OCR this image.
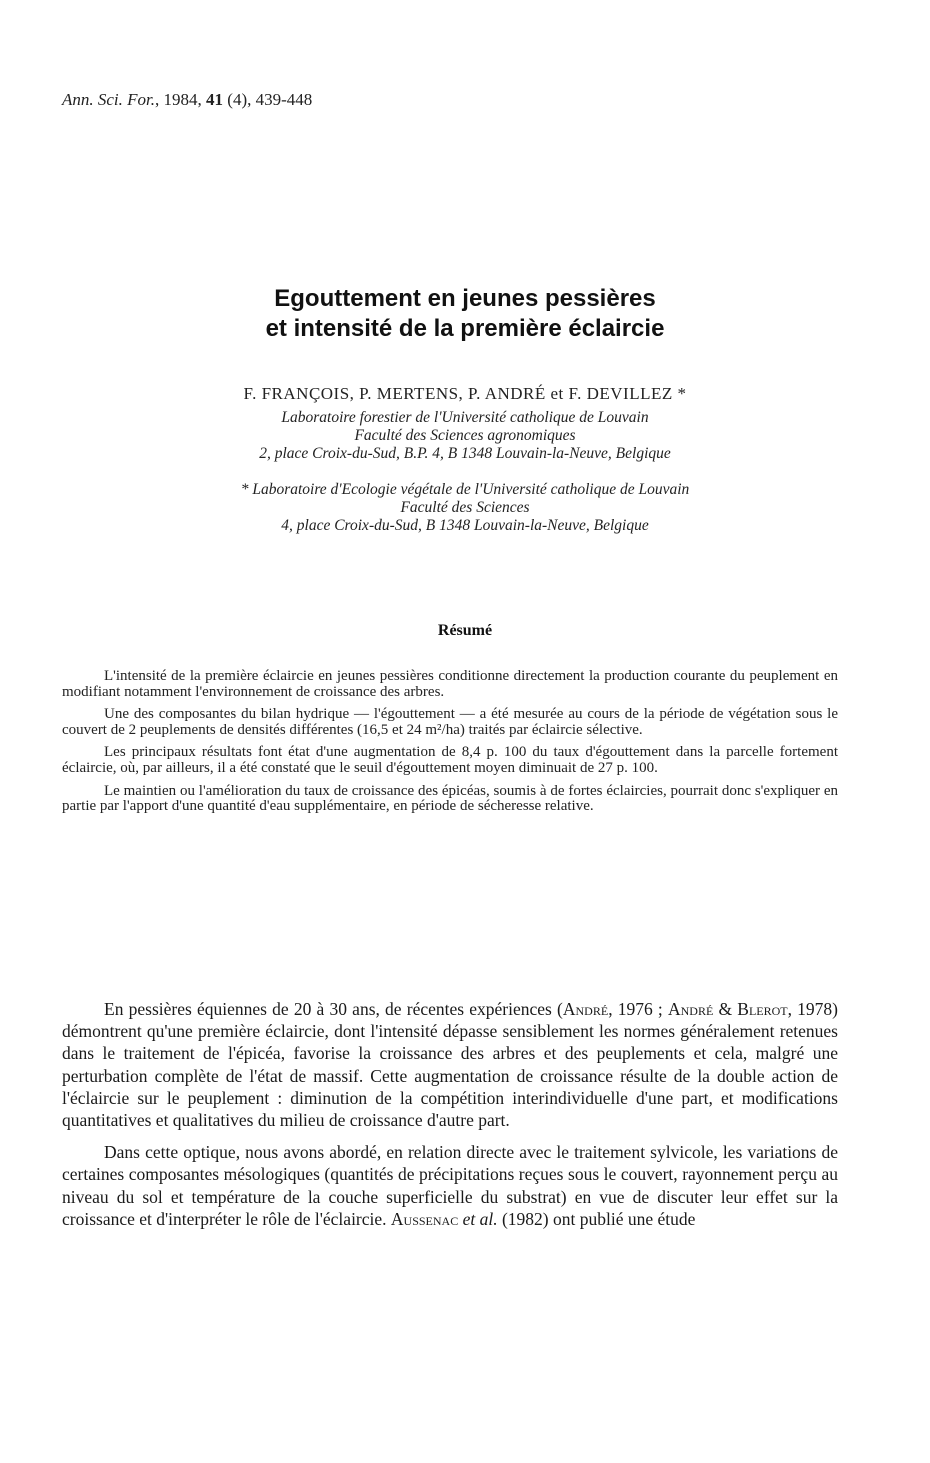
Ann. Sci. For., 1984, 41 (4), 439-448
Egouttement en jeunes pessières
et intensité de la première éclaircie
F. FRANÇOIS, P. MERTENS, P. ANDRÉ et F. DEVILLEZ *
Laboratoire forestier de l'Université catholique de Louvain
Faculté des Sciences agronomiques
2, place Croix-du-Sud, B.P. 4, B 1348 Louvain-la-Neuve, Belgique
* Laboratoire d'Ecologie végétale de l'Université catholique de Louvain
Faculté des Sciences
4, place Croix-du-Sud, B 1348 Louvain-la-Neuve, Belgique
Résumé

L'intensité de la première éclaircie en jeunes pessières conditionne directement la production courante du peuplement en modifiant notamment l'environnement de croissance des arbres.

Une des composantes du bilan hydrique — l'égouttement — a été mesurée au cours de la période de végétation sous le couvert de 2 peuplements de densités différentes (16,5 et 24 m²/ha) traités par éclaircie sélective.

Les principaux résultats font état d'une augmentation de 8,4 p. 100 du taux d'égouttement dans la parcelle fortement éclaircie, où, par ailleurs, il a été constaté que le seuil d'égouttement moyen diminuait de 27 p. 100.

Le maintien ou l'amélioration du taux de croissance des épicéas, soumis à de fortes éclaircies, pourrait donc s'expliquer en partie par l'apport d'une quantité d'eau supplémentaire, en période de sécheresse relative.

En pessières équiennes de 20 à 30 ans, de récentes expériences (André, 1976 ; André & Blerot, 1978) démontrent qu'une première éclaircie, dont l'intensité dépasse sensiblement les normes généralement retenues dans le traitement de l'épicéa, favorise la croissance des arbres et des peuplements et cela, malgré une perturbation complète de l'état de massif. Cette augmentation de croissance résulte de la double action de l'éclaircie sur le peuplement : diminution de la compétition interindividuelle d'une part, et modifications quantitatives et qualitatives du milieu de croissance d'autre part.

Dans cette optique, nous avons abordé, en relation directe avec le traitement sylvicole, les variations de certaines composantes mésologiques (quantités de précipitations reçues sous le couvert, rayonnement perçu au niveau du sol et température de la couche superficielle du substrat) en vue de discuter leur effet sur la croissance et d'interpréter le rôle de l'éclaircie. Aussenac et al. (1982) ont publié une étude
